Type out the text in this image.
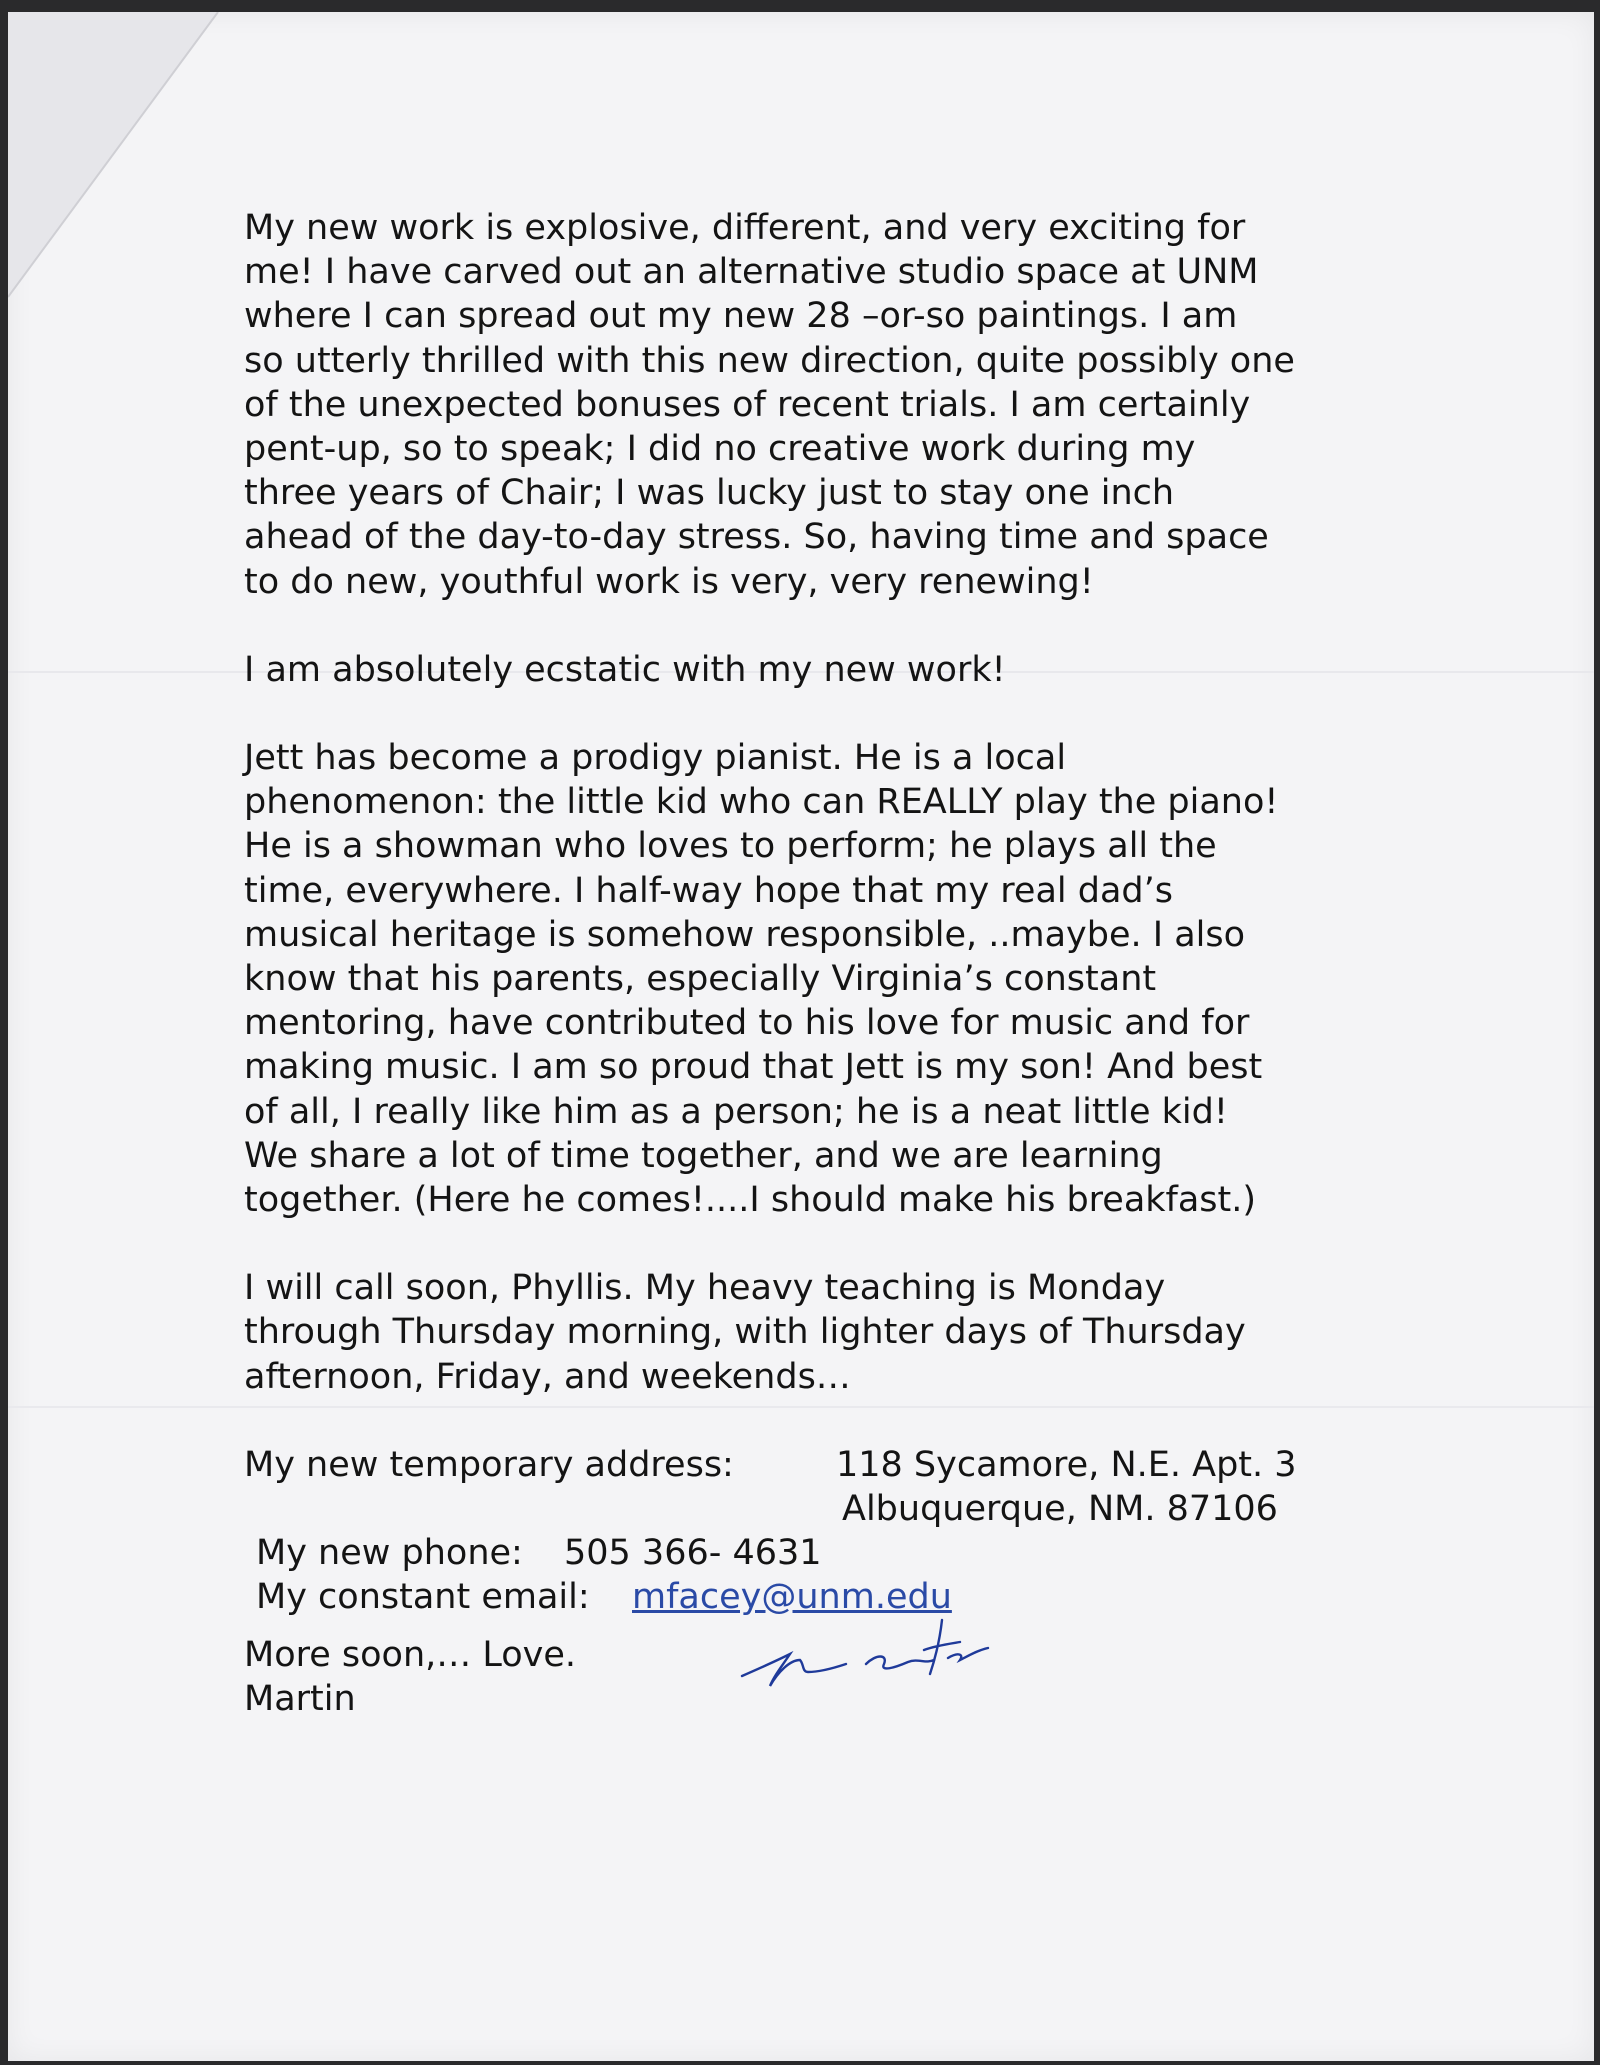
My new work is explosive, different, and very exciting for
me! I have carved out an alternative studio space at UNM
where I can spread out my new 28 –or-so paintings. I am
so utterly thrilled with this new direction, quite possibly one
of the unexpected bonuses of recent trials. I am certainly
pent-up, so to speak; I did no creative work during my
three years of Chair; I was lucky just to stay one inch
ahead of the day-to-day stress. So, having time and space
to do new, youthful work is very, very renewing!

I am absolutely ecstatic with my new work!

Jett has become a prodigy pianist. He is a local
phenomenon: the little kid who can REALLY play the piano!
He is a showman who loves to perform; he plays all the
time, everywhere. I half-way hope that my real dad’s
musical heritage is somehow responsible, ..maybe. I also
know that his parents, especially Virginia’s constant
mentoring, have contributed to his love for music and for
making music. I am so proud that Jett is my son! And best
of all, I really like him as a person; he is a neat little kid!
We share a lot of time together, and we are learning
together. (Here he comes!....I should make his breakfast.)

I will call soon, Phyllis. My heavy teaching is Monday
through Thursday morning, with lighter days of Thursday
afternoon, Friday, and weekends…

My new temporary address:	118 Sycamore, N.E. Apt. 3
Albuquerque, NM. 87106
My new phone: 505 366- 4631
My constant email: mfacey@unm.edu
More soon,… Love.
Martin
